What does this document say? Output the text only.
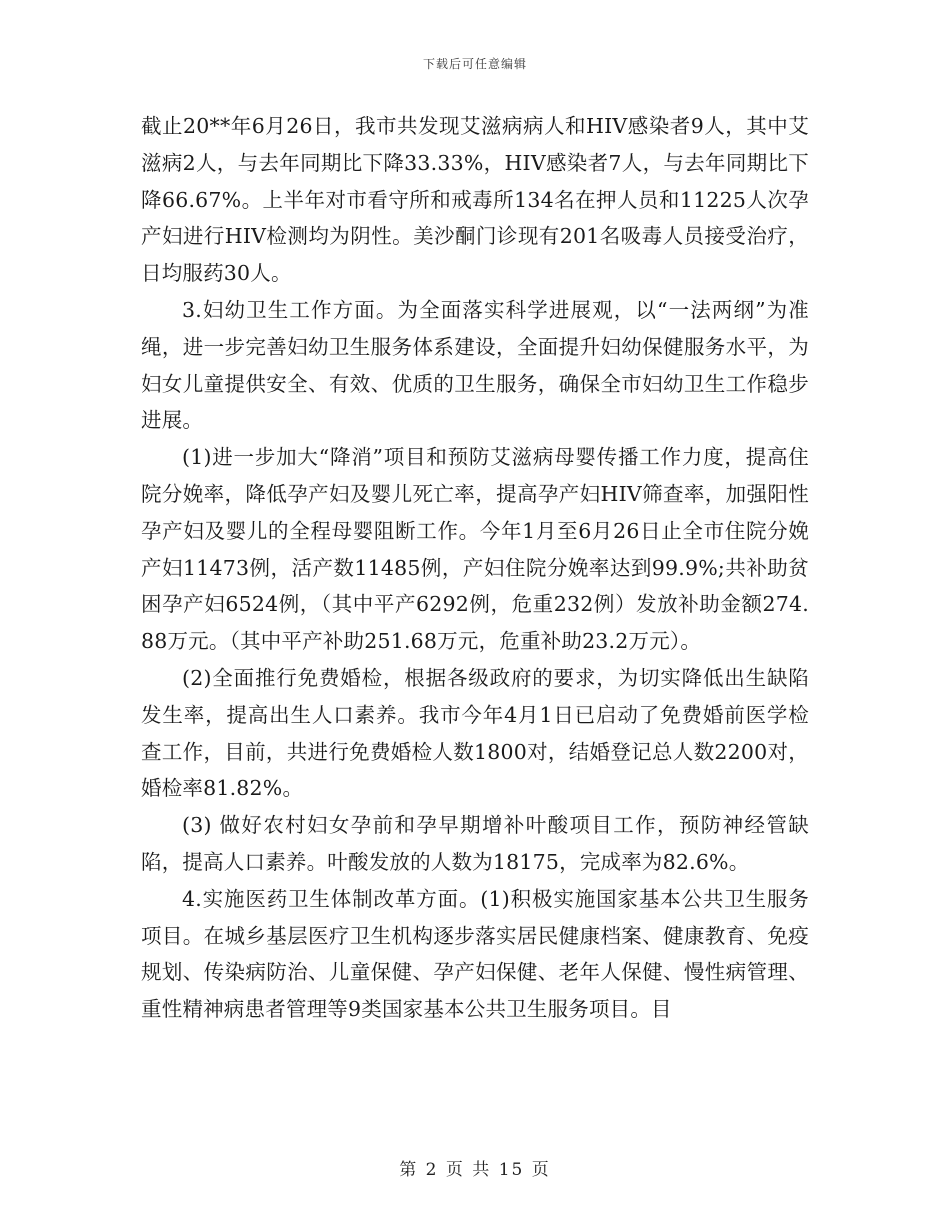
下载后可任意编辑

截止20**年6月26日，我市共发现艾滋病病人和HIV感染者9人，其中艾滋病2人，与去年同期比下降33.33%，HIV感染者7人，与去年同期比下降66.67%。上半年对市看守所和戒毒所134名在押人员和11225人次孕产妇进行HIV检测均为阴性。美沙酮门诊现有201名吸毒人员接受治疗，日均服药30人。

3.妇幼卫生工作方面。为全面落实科学进展观，以“一法两纲”为准绳，进一步完善妇幼卫生服务体系建设，全面提升妇幼保健服务水平，为妇女儿童提供安全、有效、优质的卫生服务，确保全市妇幼卫生工作稳步进展。

(1)进一步加大“降消”项目和预防艾滋病母婴传播工作力度，提高住院分娩率，降低孕产妇及婴儿死亡率，提高孕产妇HIV筛查率，加强阳性孕产妇及婴儿的全程母婴阻断工作。今年1月至6月26日止全市住院分娩产妇11473例，活产数11485例，产妇住院分娩率达到99.9%;共补助贫困孕产妇6524例，（其中平产6292例，危重232例）发放补助金额274.88万元。（其中平产补助251.68万元，危重补助23.2万元）。

(2)全面推行免费婚检，根据各级政府的要求，为切实降低出生缺陷发生率，提高出生人口素养。我市今年4月1日已启动了免费婚前医学检查工作，目前，共进行免费婚检人数1800对，结婚登记总人数2200对，婚检率81.82%。

(3) 做好农村妇女孕前和孕早期增补叶酸项目工作，预防神经管缺陷，提高人口素养。叶酸发放的人数为18175，完成率为82.6%。

4.实施医药卫生体制改革方面。(1)积极实施国家基本公共卫生服务项目。在城乡基层医疗卫生机构逐步落实居民健康档案、健康教育、免疫规划、传染病防治、儿童保健、孕产妇保健、老年人保健、慢性病管理、重性精神病患者管理等9类国家基本公共卫生服务项目。目

第 2 页 共 15 页
